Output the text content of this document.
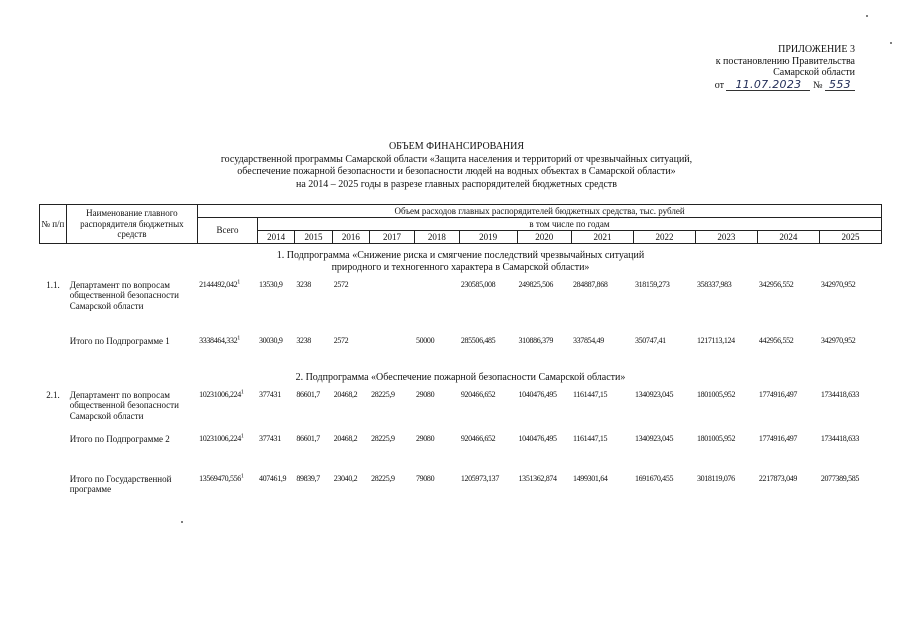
ПРИЛОЖЕНИЕ 3
к постановлению Правительства
Самарской области
от 11.07.2023 № 553
ОБЪЕМ ФИНАНСИРОВАНИЯ
государственной программы Самарской области «Защита населения и территорий от чрезвычайных ситуаций,
обеспечение пожарной безопасности и безопасности людей на водных объектах в Самарской области»
на 2014 – 2025 годы в разрезе главных распорядителей бюджетных средств
№ п/п	Наименование главного распорядителя бюджетных средств	Объем расходов главных распорядителей бюджетных средства, тыс. рублей												
		Всего	в том числе по годам											
			2014	2015	2016	2017	2018	2019	2020	2021	2022	2023	2024	2025

1. Подпрограмма «Снижение риска и смягчение последствий чрезвычайных ситуаций
природного и техногенного характера в Самарской области»														

1.1.	Департамент по вопросам общественной безопасности Самарской области	2144492,042$^1$	13530,9	3238	2572			230585,008	249825,506	284887,868	318159,273	358337,983	342956,552	342970,952
	Итого по Подпрограмме 1	3338464,332$^1$	30030,9	3238	2572		50000	285506,485	310886,379	337854,49	350747,41	1217113,124	442956,552	342970,952

2. Подпрограмма «Обеспечение пожарной безопасности Самарской области»														

2.1.	Департамент по вопросам общественной безопасности Самарской области	10231006,224$^1$	377431	86601,7	20468,2	28225,9	29080	920466,652	1040476,495	1161447,15	1340923,045	1801005,952	1774916,497	1734418,633
	Итого по Подпрограмме 2	10231006,224$^1$	377431	86601,7	20468,2	28225,9	29080	920466,652	1040476,495	1161447,15	1340923,045	1801005,952	1774916,497	1734418,633
	Итого по Государственной программе	13569470,556$^1$	407461,9	89839,7	23040,2	28225,9	79080	1205973,137	1351362,874	1499301,64	1691670,455	3018119,076	2217873,049	2077389,585
